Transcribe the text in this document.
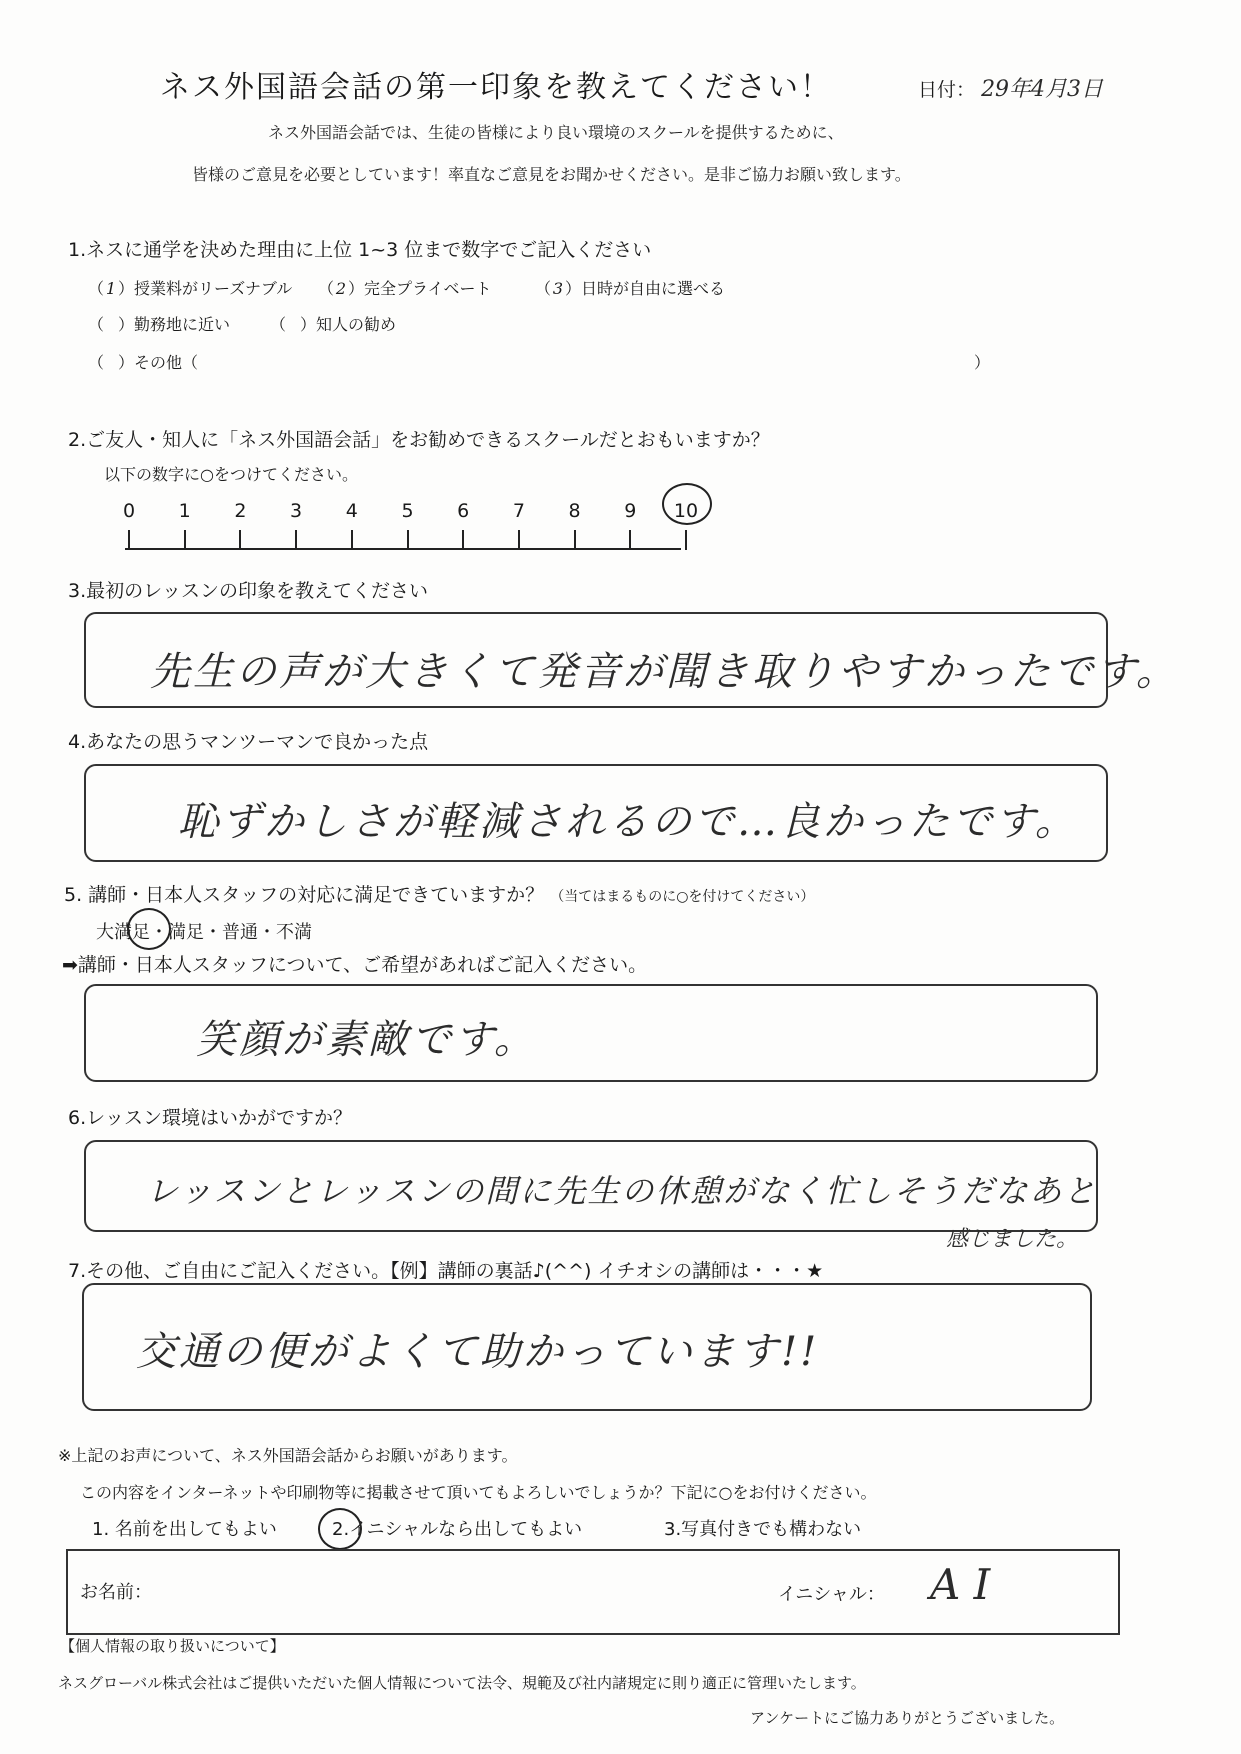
ネス外国語会話の第一印象を教えてください！	日付： 29年4月3日
ネス外国語会話では、生徒の皆様により良い環境のスクールを提供するために、
皆様のご意見を必要としています！率直なご意見をお聞かせください。是非ご協力お願い致します。
1.ネスに通学を決めた理由に上位 1~3 位まで数字でご記入ください
（ 1 ）授業料がリーズナブル （ 2 ）完全プライベート	（ 3 ）日時が自由に選べる
（ ）勤務地に近い （ ）知人の勧め
（ ）その他（	）
2.ご友人・知人に「ネス外国語会話」をお勧めできるスクールだとおもいますか？
以下の数字に○をつけてください。
0	1	2	3	4	5	6	7	8	9	10
3.最初のレッスンの印象を教えてください
先生の声が大きくて発音が聞き取りやすかったです。
4.あなたの思うマンツーマンで良かった点
恥ずかしさが軽減されるので…良かったです。
5. 講師・日本人スタッフの対応に満足できていますか？ （当てはまるものに○を付けてください）
大満足・満足・普通・不満
➡講師・日本人スタッフについて、ご希望があればご記入ください。
笑顔が素敵です。
6.レッスン環境はいかがですか？
レッスンとレッスンの間に先生の休憩がなく忙しそうだなあと
感じました。
7.その他、ご自由にご記入ください。【例】講師の裏話♪(^^) イチオシの講師は・・・★
交通の便がよくて助かっています!!
※上記のお声について、ネス外国語会話からお願いがあります。
この内容をインターネットや印刷物等に掲載させて頂いてもよろしいでしょうか？下記に○をお付けください。
1. 名前を出してもよい	2.イニシャルなら出してもよい	3.写真付きでも構わない
お名前：	イニシャル： A I
【個人情報の取り扱いについて】
ネスグローバル株式会社はご提供いただいた個人情報について法令、規範及び社内諸規定に則り適正に管理いたします。
アンケートにご協力ありがとうございました。
